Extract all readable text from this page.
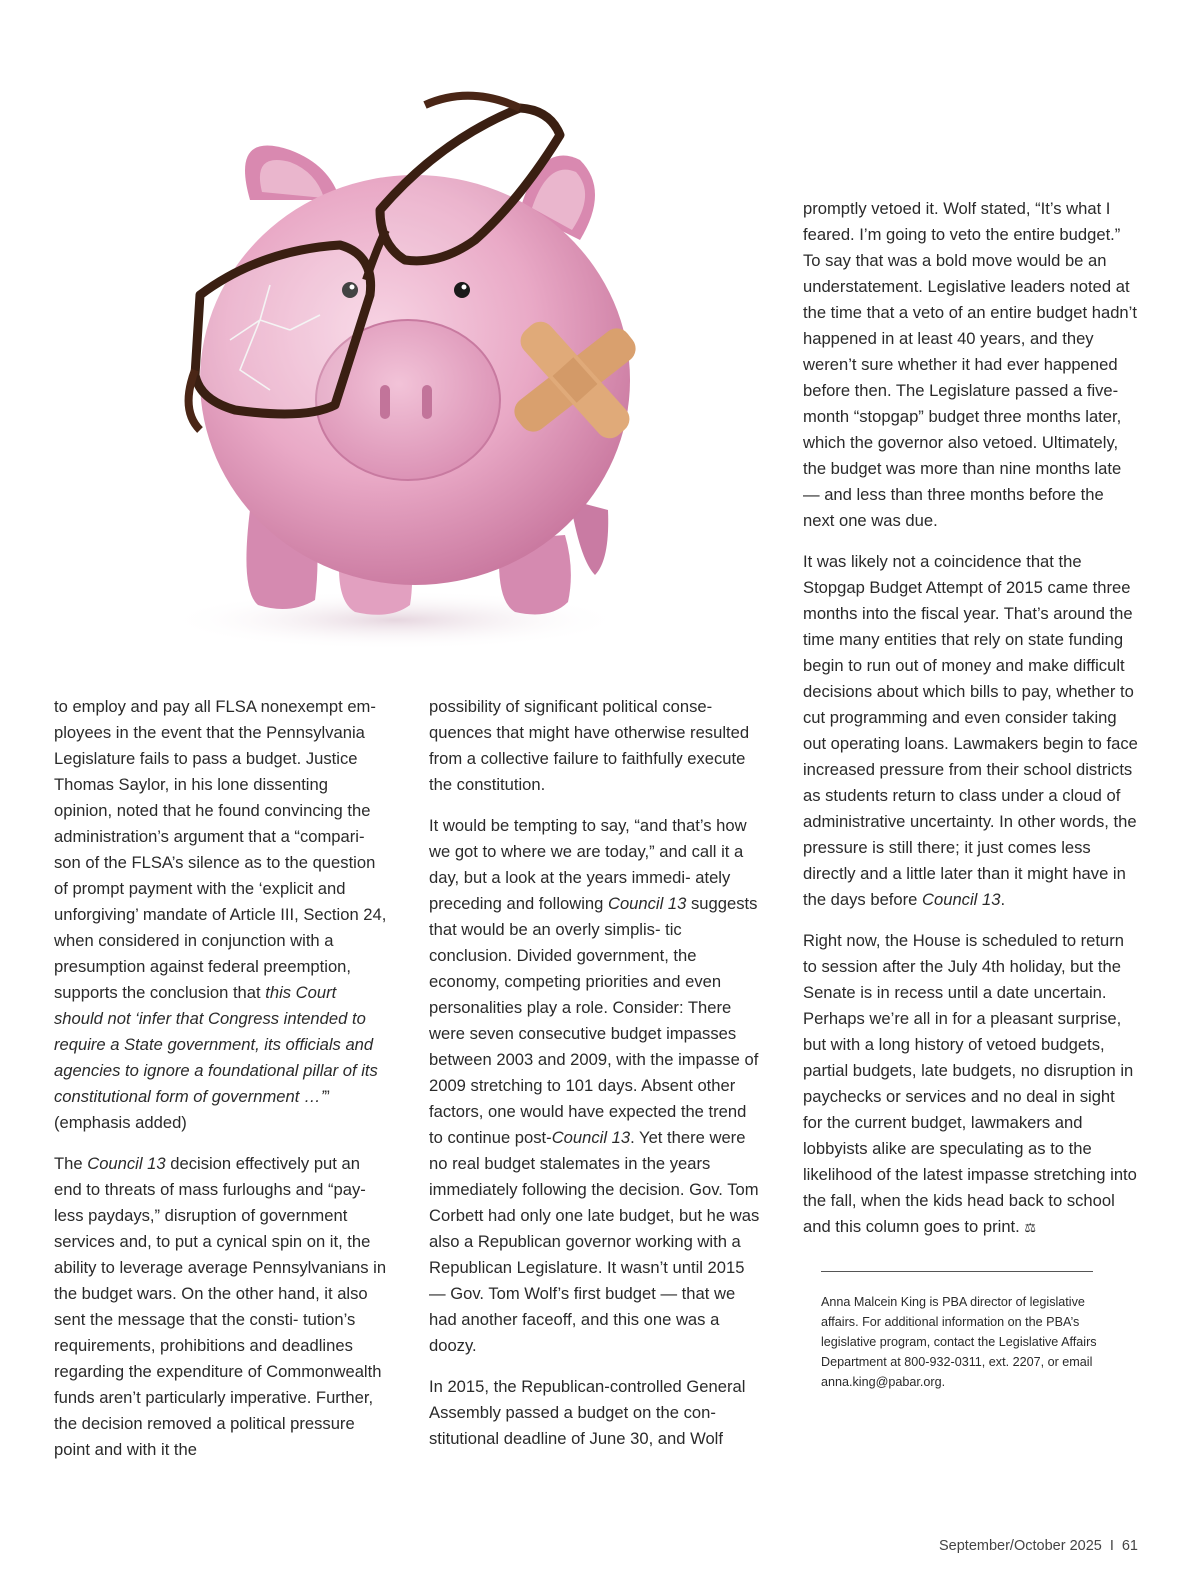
to employ and pay all FLSA nonexempt em- ployees in the event that the Pennsylvania Legislature fails to pass a budget. Justice Thomas Saylor, in his lone dissenting opinion, noted that he found convincing the administration’s argument that a “compari- son of the FLSA’s silence as to the question of prompt payment with the ‘explicit and unforgiving’ mandate of Article III, Section 24, when considered in conjunction with a presumption against federal preemption, supports the conclusion that this Court should not ‘infer that Congress intended to require a State government, its officials and agencies to ignore a foundational pillar of its constitutional form of government …’” (emphasis added)

The Council 13 decision effectively put an end to threats of mass furloughs and “pay- less paydays,” disruption of government services and, to put a cynical spin on it, the ability to leverage average Pennsylvanians in the budget wars. On the other hand, it also sent the message that the consti- tution’s requirements, prohibitions and deadlines regarding the expenditure of Commonwealth funds aren’t particularly imperative. Further, the decision removed a political pressure point and with it the

possibility of significant political conse- quences that might have otherwise resulted from a collective failure to faithfully execute the constitution.

It would be tempting to say, “and that’s how we got to where we are today,” and call it a day, but a look at the years immedi- ately preceding and following Council 13 suggests that would be an overly simplis- tic conclusion. Divided government, the economy, competing priorities and even personalities play a role. Consider: There were seven consecutive budget impasses between 2003 and 2009, with the impasse of 2009 stretching to 101 days. Absent other factors, one would have expected the trend to continue post-Council 13. Yet there were no real budget stalemates in the years immediately following the decision. Gov. Tom Corbett had only one late budget, but he was also a Republican governor working with a Republican Legislature. It wasn’t until 2015 — Gov. Tom Wolf’s first budget — that we had another faceoff, and this one was a doozy.

In 2015, the Republican-controlled General Assembly passed a budget on the con- stitutional deadline of June 30, and Wolf

promptly vetoed it. Wolf stated, “It’s what I feared. I’m going to veto the entire budget.” To say that was a bold move would be an understatement. Legislative leaders noted at the time that a veto of an entire budget hadn’t happened in at least 40 years, and they weren’t sure whether it had ever happened before then. The Legislature passed a five-month “stopgap” budget three months later, which the governor also vetoed. Ultimately, the budget was more than nine months late — and less than three months before the next one was due.

It was likely not a coincidence that the Stopgap Budget Attempt of 2015 came three months into the fiscal year. That’s around the time many entities that rely on state funding begin to run out of money and make difficult decisions about which bills to pay, whether to cut programming and even consider taking out operating loans. Lawmakers begin to face increased pressure from their school districts as students return to class under a cloud of administrative uncertainty. In other words, the pressure is still there; it just comes less directly and a little later than it might have in the days before Council 13.

Right now, the House is scheduled to return to session after the July 4th holiday, but the Senate is in recess until a date uncertain. Perhaps we’re all in for a pleasant surprise, but with a long history of vetoed budgets, partial budgets, late budgets, no disruption in paychecks or services and no deal in sight for the current budget, lawmakers and lobbyists alike are speculating as to the likelihood of the latest impasse stretching into the fall, when the kids head back to school and this column goes to print. ⚖

Anna Malcein King is PBA director of legislative affairs. For additional information on the PBA’s legislative program, contact the Legislative Affairs Department at 800-932-0311, ext. 2207, or email anna.king@pabar.org.
September/October 2025 I 61
